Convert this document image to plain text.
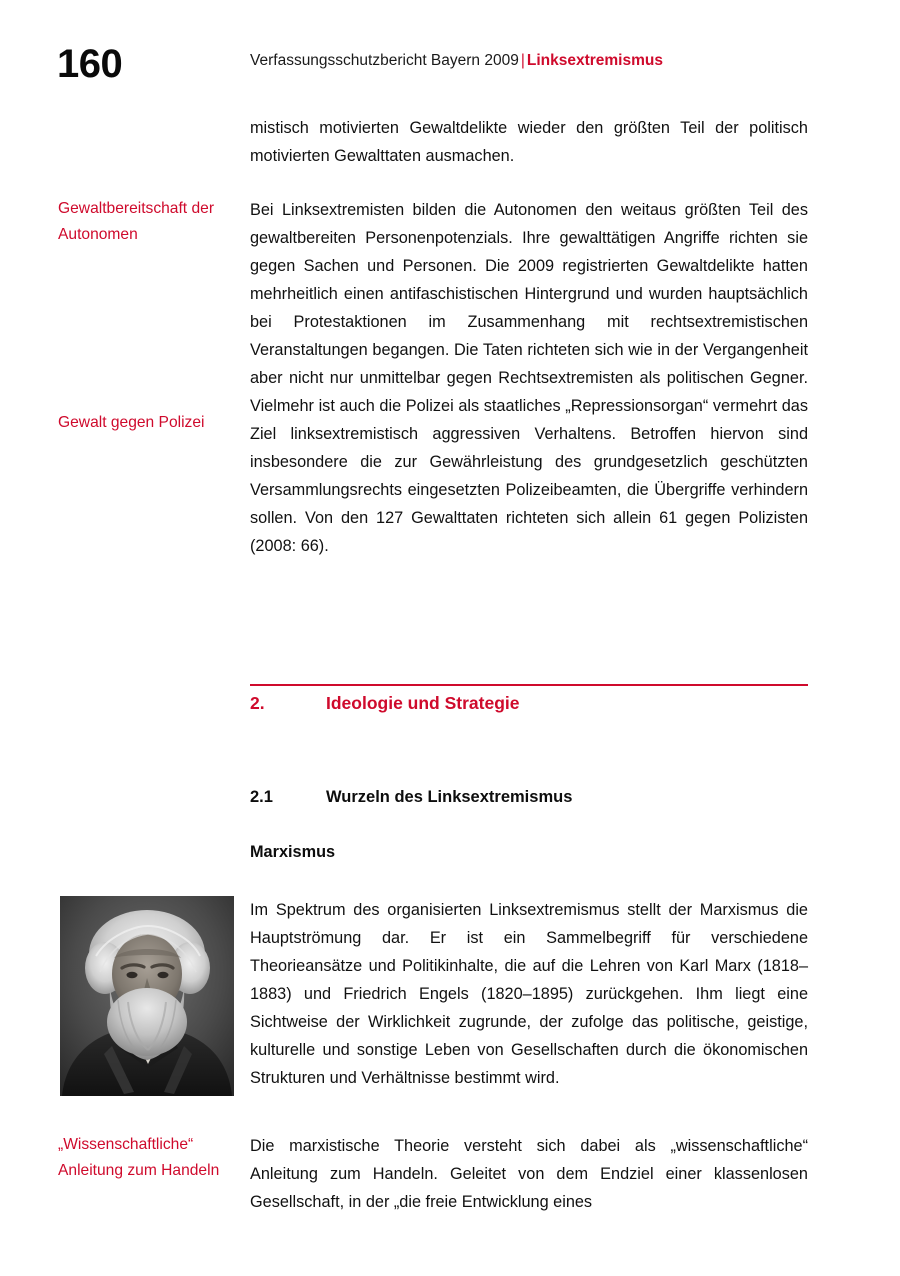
160	Verfassungsschutzbericht Bayern 2009 | Linksextremismus

mistisch motivierten Gewaltdelikte wieder den größten Teil der politisch motivierten Gewalttaten ausmachen.

Gewaltbereitschaft der Autonomen

Bei Linksextremisten bilden die Autonomen den weitaus größten Teil des gewaltbereiten Personenpotenzials. Ihre gewalttätigen Angriffe richten sie gegen Sachen und Personen. Die 2009 registrierten Gewaltdelikte hatten mehrheitlich einen antifaschistischen Hintergrund und wurden hauptsächlich bei Protestaktionen im Zusammenhang mit rechtsextremistischen Veranstaltungen begangen. Die Taten richteten sich wie in der Vergangenheit aber nicht nur unmittelbar gegen Rechtsextremisten als politischen Gegner. Vielmehr ist auch die Polizei als staatliches „Repressionsorgan“ vermehrt das Ziel linksextremistisch aggressiven Verhaltens. Betroffen hiervon sind insbesondere die zur Gewährleistung des grundgesetzlich geschützten Versammlungsrechts eingesetzten Polizeibeamten, die Übergriffe verhindern sollen. Von den 127 Gewalttaten richteten sich allein 61 gegen Polizisten (2008: 66).

Gewalt gegen Polizei
2.	Ideologie und Strategie
2.1	Wurzeln des Linksextremismus
Marxismus

Im Spektrum des organisierten Linksextremismus stellt der Marxismus die Hauptströmung dar. Er ist ein Sammelbegriff für verschiedene Theorieansätze und Politikinhalte, die auf die Lehren von Karl Marx (1818–1883) und Friedrich Engels (1820–1895) zurückgehen. Ihm liegt eine Sichtweise der Wirklichkeit zugrunde, der zufolge das politische, geistige, kulturelle und sonstige Leben von Gesellschaften durch die ökonomischen Strukturen und Verhältnisse bestimmt wird.

„Wissenschaftliche“ Anleitung zum Handeln

Die marxistische Theorie versteht sich dabei als „wissenschaftliche“ Anleitung zum Handeln. Geleitet von dem Endziel einer klassenlosen Gesellschaft, in der „die freie Entwicklung eines
